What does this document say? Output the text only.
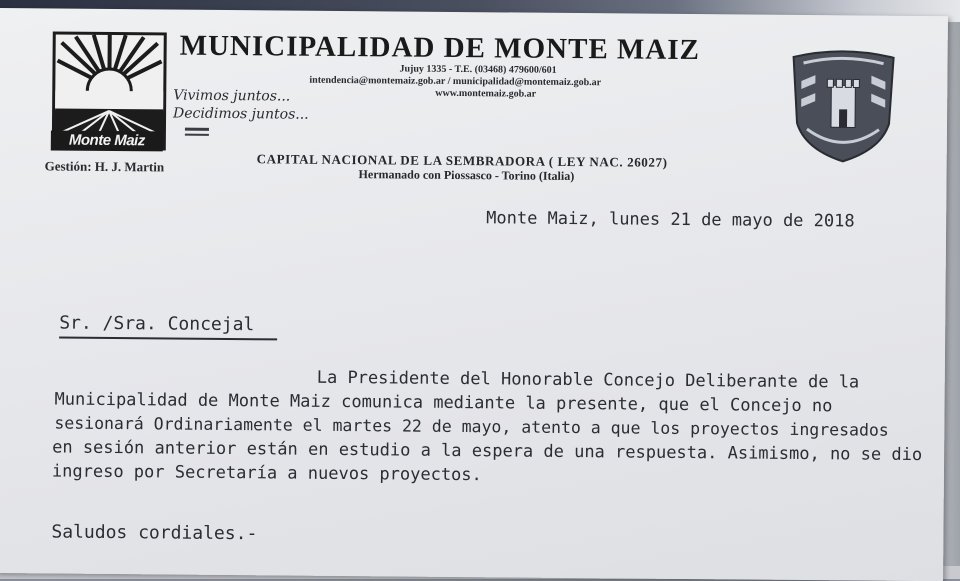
Monte Maiz
Vivimos juntos...
Decidimos juntos...
MUNICIPALIDAD DE MONTE MAIZ
Jujuy 1335 - T.E. (03468) 479600/601
intendencia@montemaiz.gob.ar / municipalidad@montemaiz.gob.ar
www.montemaiz.gob.ar
Gestión: H. J. Martin	CAPITAL NACIONAL DE LA SEMBRADORA ( LEY NAC. 26027)
Hermanado con Piossasco - Torino (Italia)
Monte Maiz, lunes 21 de mayo de 2018
Sr. /Sra. Concejal
La Presidente del Honorable Concejo Deliberante de la
Municipalidad de Monte Maiz comunica mediante la presente, que el Concejo no
sesionará Ordinariamente el martes 22 de mayo, atento a que los proyectos ingresados
en sesión anterior están en estudio a la espera de una respuesta. Asimismo, no se dio
ingreso por Secretaría a nuevos proyectos.
Saludos cordiales.-
